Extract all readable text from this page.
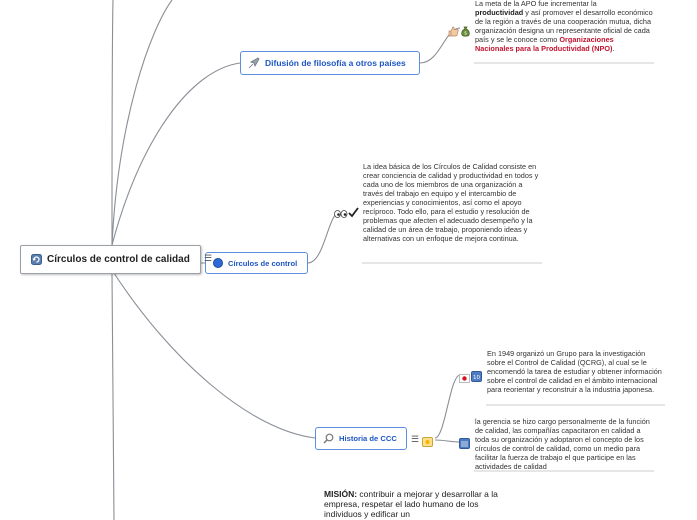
Círculos de control de calidad
Difusión de filosofía a otros países
Círculos de control
☰
Historia de CCC ☰
$
10
La meta de la APO fue incrementar la
productividad y así promover el desarrollo económico de la región a través de una cooperación mutua, dicha organización designa un representante oficial de cada país y se le conoce como Organizaciones Nacionales para la Productividad (NPO).
La idea básica de los Círculos de Calidad consiste en crear conciencia de calidad y productividad en todos y cada uno de los miembros de una organización a través del trabajo en equipo y el intercambio de experiencias y conocimientos, así como el apoyo recíproco. Todo ello, para el estudio y resolución de problemas que afecten el adecuado desempeño y la calidad de un área de trabajo, proponiendo ideas y alternativas con un enfoque de mejora continua.
En 1949 organizó un Grupo para la investigación sobre el Control de Calidad (QCRG), al cual se le encomendó la tarea de estudiar y obtener información sobre el control de calidad en el ámbito internacional para reorientar y reconstruir a la industria japonesa.
la gerencia se hizo cargo personalmente de la función de calidad, las compañías capacitaron en calidad a toda su organización y adoptaron el concepto de los círculos de control de calidad, como un medio para facilitar la fuerza de trabajo el que participe en las actividades de calidad
MISIÓN: contribuir a mejorar y desarrollar a la empresa, respetar el lado humano de los individuos y edificar un
